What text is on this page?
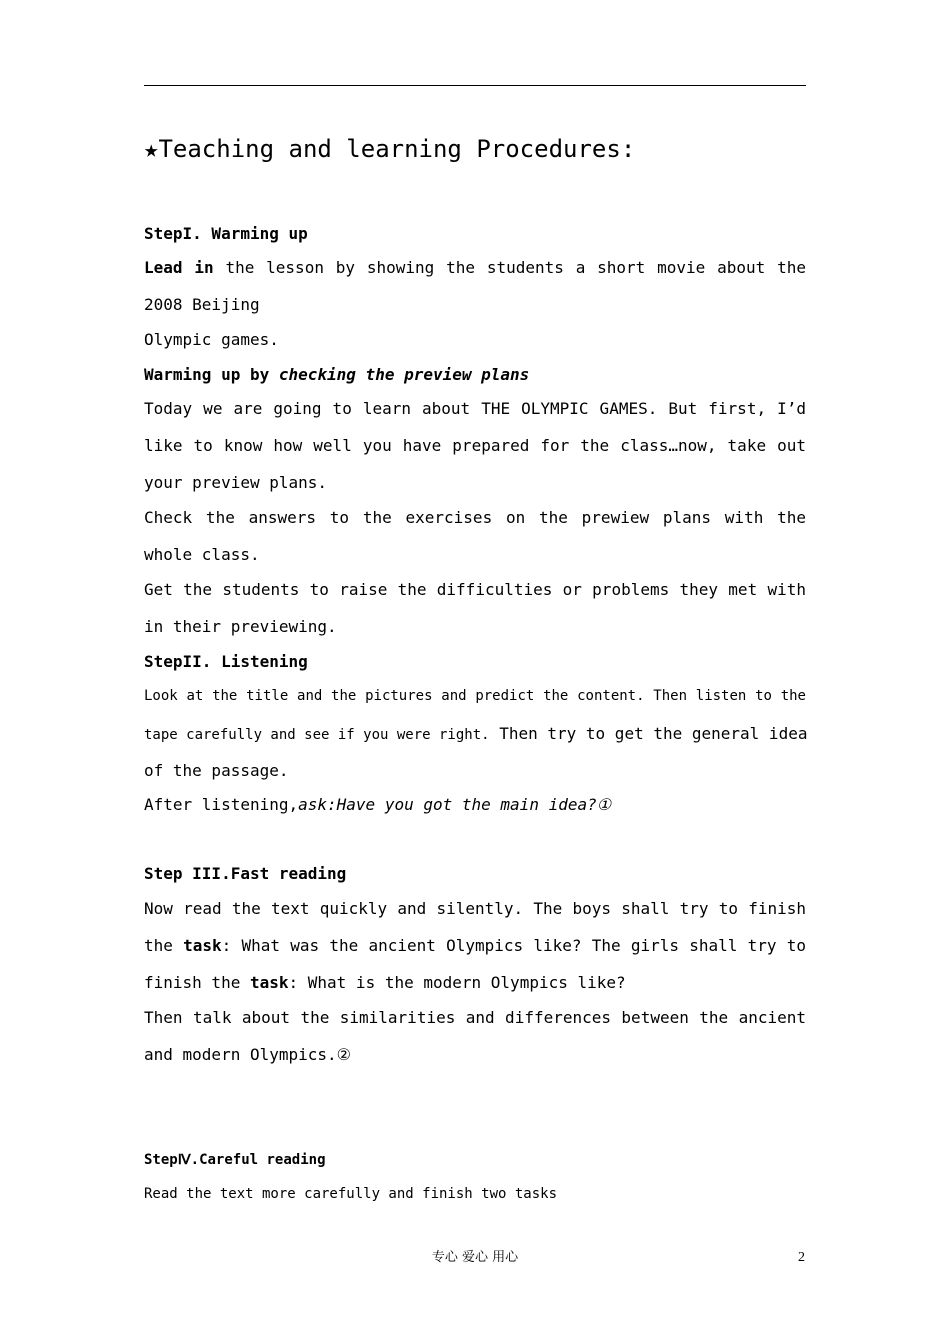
★Teaching and learning Procedures:

StepI. Warming up

Lead in the lesson by showing the students a short movie about the

2008 Beijing

Olympic games.

Warming up by checking the preview plans

Today we are going to learn about THE OLYMPIC GAMES. But first, I’d

like to know how well you have prepared for the class…now, take out

your preview plans.

Check the answers to the exercises on the prewiew plans with the

whole class.

Get the students to raise the difficulties or problems they met with

in their previewing.

StepII. Listening

Look at the title and the pictures and predict the content. Then listen to the

tape carefully and see if you were right. Then try to get the general idea

of the passage.

After listening,ask:Have you got the main idea?①

Step III.Fast reading

Now read the text quickly and silently. The boys shall try to finish

the task: What was the ancient Olympics like? The girls shall try to

finish the task: What is the modern Olympics like?

Then talk about the similarities and differences between the ancient

and modern Olympics.②

StepⅣ.Careful reading

Read the text more carefully and finish two tasks

专心 爱心 用心	2
